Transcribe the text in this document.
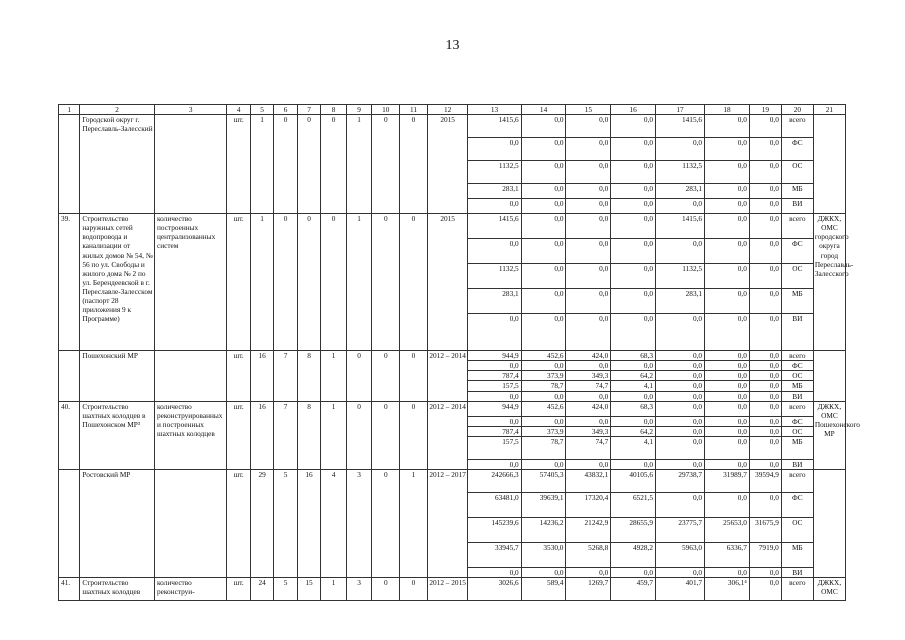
13
1	2	3	4	5	6	7	8	9	10	11	12	13	14	15	16	17	18	19	20	21
	Городской округ г. Переславль-Залесский		шт.	1	0	0	0	1	0	0	2015	1415,6	0,0	0,0	0,0	1415,6	0,0	0,0	всего	
												0,0	0,0	0,0	0,0	0,0	0,0	0,0	ФС	
												1132,5	0,0	0,0	0,0	1132,5	0,0	0,0	ОС	
												283,1	0,0	0,0	0,0	283,1	0,0	0,0	МБ	
												0,0	0,0	0,0	0,0	0,0	0,0	0,0	ВИ	
39.	Строительство наружных сетей водопровода и канализации от жилых домов № 54, № 56 по ул. Свободы и жилого дома № 2 по ул. Берендеевской в г. Переславле-Залесском (паспорт 28 приложения 9 к Программе)	количество построенных централизованных систем	шт.	1	0	0	0	1	0	0	2015	1415,6	0,0	0,0	0,0	1415,6	0,0	0,0	всего	ДЖКХ, ОМС городского округа город Переславль-Залесского
												0,0	0,0	0,0	0,0	0,0	0,0	0,0	ФС	
												1132,5	0,0	0,0	0,0	1132,5	0,0	0,0	ОС	
												283,1	0,0	0,0	0,0	283,1	0,0	0,0	МБ	
												0,0	0,0	0,0	0,0	0,0	0,0	0,0	ВИ	
	Пошехонский МР		шт.	16	7	8	1	0	0	0	2012 – 2014	944,9	452,6	424,0	68,3	0,0	0,0	0,0	всего	
												0,0	0,0	0,0	0,0	0,0	0,0	0,0	ФС	
												787,4	373,9	349,3	64,2	0,0	0,0	0,0	ОС	
												157,5	78,7	74,7	4,1	0,0	0,0	0,0	МБ	
												0,0	0,0	0,0	0,0	0,0	0,0	0,0	ВИ	
40.	Строительство шахтных колодцев в Пошехонском МР³	количество реконструированных и построенных шахтных колодцев	шт.	16	7	8	1	0	0	0	2012 – 2014	944,9	452,6	424,0	68,3	0,0	0,0	0,0	всего	ДЖКХ, ОМС Пошехонского МР
												0,0	0,0	0,0	0,0	0,0	0,0	0,0	ФС	
												787,4	373,9	349,3	64,2	0,0	0,0	0,0	ОС	
												157,5	78,7	74,7	4,1	0,0	0,0	0,0	МБ	
												0,0	0,0	0,0	0,0	0,0	0,0	0,0	ВИ	
	Ростовский МР		шт.	29	5	16	4	3	0	1	2012 – 2017	242666,3	57405,3	43832,1	40105,6	29738,7	31989,7	39594,9	всего	
												63481,0	39639,1	17320,4	6521,5	0,0	0,0	0,0	ФС	
												145239,6	14236,2	21242,9	28655,9	23775,7	25653,0	31675,9	ОС	
												33945,7	3530,0	5268,8	4928,2	5963,0	6336,7	7919,0	МБ	
												0,0	0,0	0,0	0,0	0,0	0,0	0,0	ВИ	
41.	Строительство шахтных колодцев	количество реконструи-	шт.	24	5	15	1	3	0	0	2012 – 2015	3026,6	589,4	1269,7	459,7	401,7	306,1⁴	0,0	всего	ДЖКХ, ОМС
